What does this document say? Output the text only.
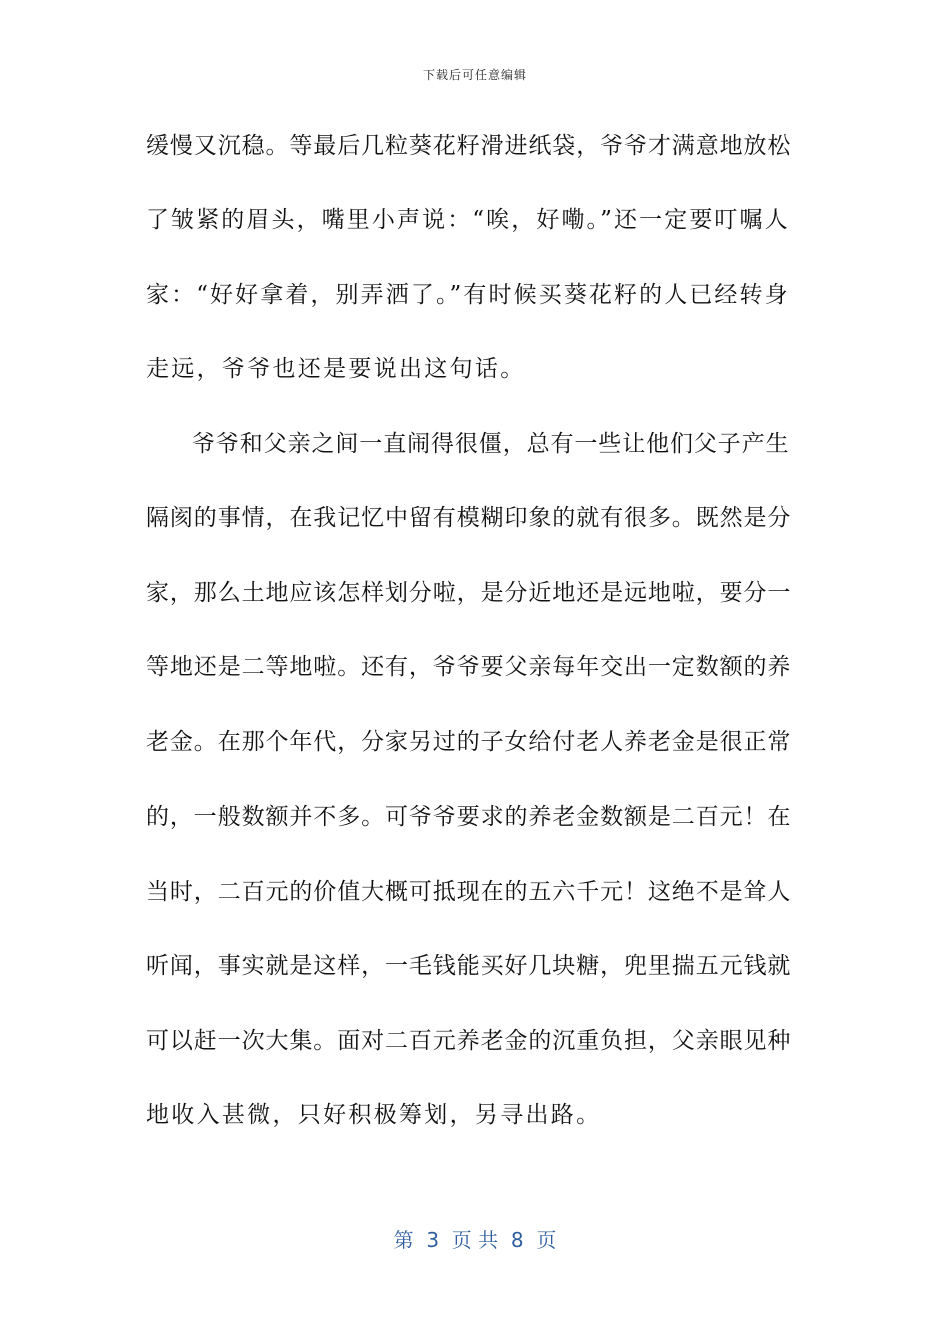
下载后可任意编辑
缓慢又沉稳。等最后几粒葵花籽滑进纸袋，爷爷才满意地放松
了皱紧的眉头，嘴里小声说：“唉，好嘞。”还一定要叮嘱人
家：“好好拿着，别弄洒了。”有时候买葵花籽的人已经转身
走远，爷爷也还是要说出这句话。
爷爷和父亲之间一直闹得很僵，总有一些让他们父子产生
隔阂的事情，在我记忆中留有模糊印象的就有很多。既然是分
家，那么土地应该怎样划分啦，是分近地还是远地啦，要分一
等地还是二等地啦。还有，爷爷要父亲每年交出一定数额的养
老金。在那个年代，分家另过的子女给付老人养老金是很正常
的，一般数额并不多。可爷爷要求的养老金数额是二百元！在
当时，二百元的价值大概可抵现在的五六千元！这绝不是耸人
听闻，事实就是这样，一毛钱能买好几块糖，兜里揣五元钱就
可以赶一次大集。面对二百元养老金的沉重负担，父亲眼见种
地收入甚微，只好积极筹划，另寻出路。
第  3  页 共  8  页
